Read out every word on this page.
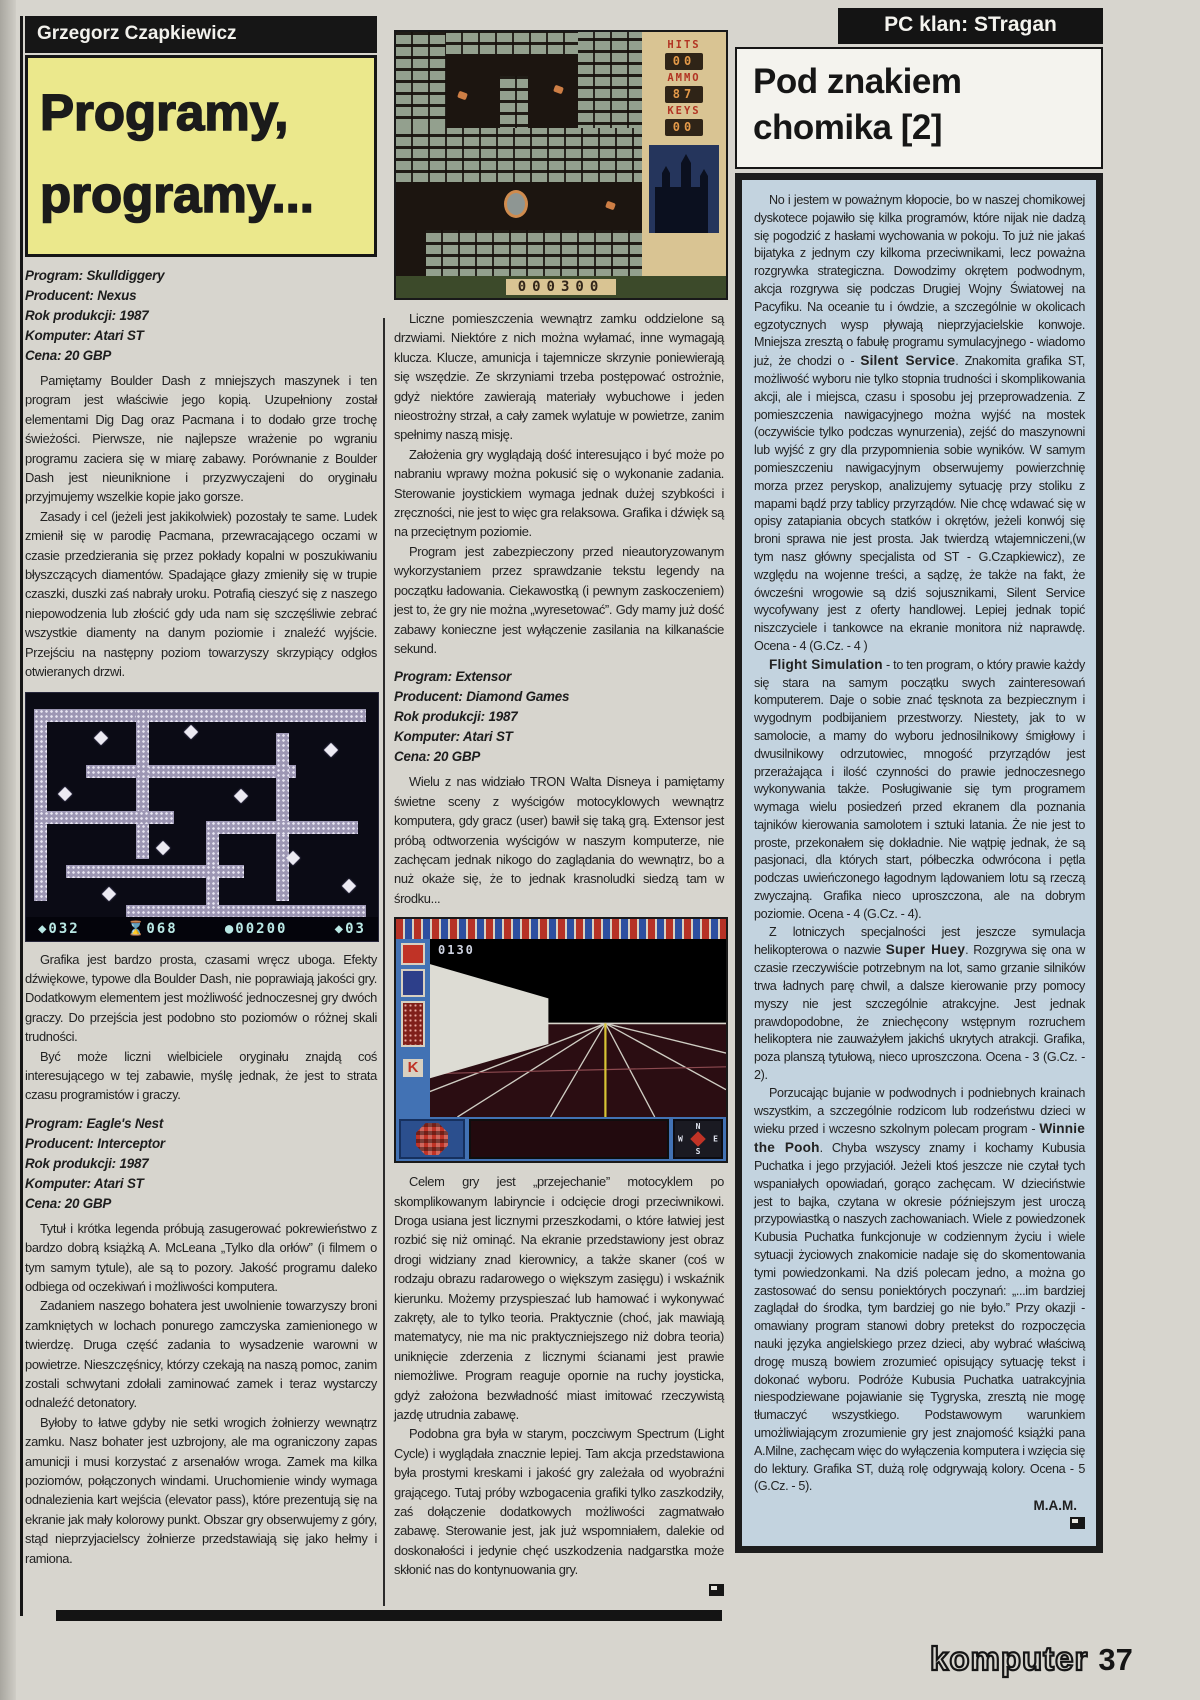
Grzegorz Czapkiewicz
Programy,
programy...
Program: Skulldiggery
Producent: Nexus
Rok produkcji: 1987
Komputer: Atari ST
Cena: 20 GBP

Pamiętamy Boulder Dash z mniejszych maszynek i ten program jest właściwie jego kopią. Uzupełniony został elementami Dig Dag oraz Pacmana i to dodało grze trochę świeżości. Pierwsze, nie najlepsze wrażenie po wgraniu programu zaciera się w miarę zabawy. Porównanie z Boulder Dash jest nieuniknione i przyzwyczajeni do oryginału przyjmujemy wszelkie kopie jako gorsze.

Zasady i cel (jeżeli jest jakikolwiek) pozostały te same. Ludek zmienił się w parodię Pacmana, przewracającego oczami w czasie przedzierania się przez pokłady kopalni w poszukiwaniu błyszczących diamentów. Spadające głazy zmieniły się w trupie czaszki, duszki zaś nabrały uroku. Potrafią cieszyć się z naszego niepowodzenia lub złościć gdy uda nam się szczęśliwie zebrać wszystkie diamenty na danym poziomie i znaleźć wyjście. Przejściu na następny poziom towarzyszy skrzypiący odgłos otwieranych drzwi.

◆032	⌛068	●00200	◆03

Grafika jest bardzo prosta, czasami wręcz uboga. Efekty dźwiękowe, typowe dla Boulder Dash, nie poprawiają jakości gry. Dodatkowym elementem jest możliwość jednoczesnej gry dwóch graczy. Do przejścia jest podobno sto poziomów o różnej skali trudności.

Być może liczni wielbiciele oryginału znajdą coś interesującego w tej zabawie, myślę jednak, że jest to strata czasu programistów i graczy.

Program: Eagle's Nest
Producent: Interceptor
Rok produkcji: 1987
Komputer: Atari ST
Cena: 20 GBP

Tytuł i krótka legenda próbują zasugerować pokrewieństwo z bardzo dobrą książką A. McLeana „Tylko dla orłów” (i filmem o tym samym tytule), ale są to pozory. Jakość programu daleko odbiega od oczekiwań i możliwości komputera.

Zadaniem naszego bohatera jest uwolnienie towarzyszy broni zamkniętych w lochach ponurego zamczyska zamienionego w twierdzę. Druga część zadania to wysadzenie warowni w powietrze. Nieszczęśnicy, którzy czekają na naszą pomoc, zanim zostali schwytani zdołali zaminować zamek i teraz wystarczy odnaleźć detonatory.

Byłoby to łatwe gdyby nie setki wrogich żołnierzy wewnątrz zamku. Nasz bohater jest uzbrojony, ale ma ograniczony zapas amunicji i musi korzystać z arsenałów wroga. Zamek ma kilka poziomów, połączonych windami. Uruchomienie windy wymaga odnalezienia kart wejścia (elevator pass), które prezentują się na ekranie jak mały kolorowy punkt. Obszar gry obserwujemy z góry, stąd nieprzyjacielscy żołnierze przedstawiają się jako hełmy i ramiona.

HITS
00
AMMO
87
KEYS
00
000300

Liczne pomieszczenia wewnątrz zamku oddzielone są drzwiami. Niektóre z nich można wyłamać, inne wymagają klucza. Klucze, amunicja i tajemnicze skrzynie poniewierają się wszędzie. Ze skrzyniami trzeba postępować ostrożnie, gdyż niektóre zawierają materiały wybuchowe i jeden nieostrożny strzał, a cały zamek wylatuje w powietrze, zanim spełnimy naszą misję.

Założenia gry wyglądają dość interesująco i być może po nabraniu wprawy można pokusić się o wykonanie zadania. Sterowanie joystickiem wymaga jednak dużej szybkości i zręczności, nie jest to więc gra relaksowa. Grafika i dźwięk są na przeciętnym poziomie.

Program jest zabezpieczony przed nieautoryzowanym wykorzystaniem przez sprawdzanie tekstu legendy na początku ładowania. Ciekawostką (i pewnym zaskoczeniem) jest to, że gry nie można „wyresetować”. Gdy mamy już dość zabawy konieczne jest wyłączenie zasilania na kilkanaście sekund.

Program: Extensor
Producent: Diamond Games
Rok produkcji: 1987
Komputer: Atari ST
Cena: 20 GBP

Wielu z nas widziało TRON Walta Disneya i pamiętamy świetne sceny z wyścigów motocyklowych wewnątrz komputera, gdy gracz (user) bawił się taką grą. Extensor jest próbą odtworzenia wyścigów w naszym komputerze, nie zachęcam jednak nikogo do zaglądania do wewnątrz, bo a nuż okaże się, że to jednak krasnoludki siedzą tam w środku...

K
0130
N
E
S
W

Celem gry jest „przejechanie” motocyklem po skomplikowanym labiryncie i odcięcie drogi przeciwnikowi. Droga usiana jest licznymi przeszkodami, o które łatwiej jest rozbić się niż ominąć. Na ekranie przedstawiony jest obraz drogi widziany znad kierownicy, a także skaner (coś w rodzaju obrazu radarowego o większym zasięgu) i wskaźnik kierunku. Możemy przyspieszać lub hamować i wykonywać zakręty, ale to tylko teoria. Praktycznie (choć, jak mawiają matematycy, nie ma nic praktyczniejszego niż dobra teoria) uniknięcie zderzenia z licznymi ścianami jest prawie niemożliwe. Program reaguje opornie na ruchy joysticka, gdyż założona bezwładność miast imitować rzeczywistą jazdę utrudnia zabawę.

Podobna gra była w starym, poczciwym Spectrum (Light Cycle) i wyglądała znacznie lepiej. Tam akcja przedstawiona była prostymi kreskami i jakość gry zależała od wyobraźni grającego. Tutaj próby wzbogacenia grafiki tylko zaszkodziły, zaś dołączenie dodatkowych możliwości zagmatwało zabawę. Sterowanie jest, jak już wspomniałem, dalekie od doskonałości i jedynie chęć uszkodzenia nadgarstka może skłonić nas do kontynuowania gry.

PC klan: STragan
Pod znakiem
chomika [2]

No i jestem w poważnym kłopocie, bo w naszej chomikowej dyskotece pojawiło się kilka programów, które nijak nie dadzą się pogodzić z hasłami wychowania w pokoju. To już nie jakaś bijatyka z jednym czy kilkoma przeciwnikami, lecz poważna rozgrywka strategiczna. Dowodzimy okrętem podwodnym, akcja rozgrywa się podczas Drugiej Wojny Światowej na Pacyfiku. Na oceanie tu i ówdzie, a szczególnie w okolicach egzotycznych wysp pływają nieprzyjacielskie konwoje. Mniejsza zresztą o fabułę programu symulacyjnego - wiadomo już, że chodzi o - Silent Service. Znakomita grafika ST, możliwość wyboru nie tylko stopnia trudności i skomplikowania akcji, ale i miejsca, czasu i sposobu jej przeprowadzenia. Z pomieszczenia nawigacyjnego można wyjść na mostek (oczywiście tylko podczas wynurzenia), zejść do maszynowni lub wyjść z gry dla przypomnienia sobie wyników. W samym pomieszczeniu nawigacyjnym obserwujemy powierzchnię morza przez peryskop, analizujemy sytuację przy stoliku z mapami bądź przy tablicy przyrządów. Nie chcę wdawać się w opisy zatapiania obcych statków i okrętów, jeżeli konwój się broni sprawa nie jest prosta. Jak twierdzą wtajemniczeni,(w tym nasz główny specjalista od ST - G.Czapkiewicz), ze względu na wojenne treści, a sądzę, że także na fakt, że ówcześni wrogowie są dziś sojusznikami, Silent Service wycofywany jest z oferty handlowej. Lepiej jednak topić niszczyciele i tankowce na ekranie monitora niż naprawdę. Ocena - 4 (G.Cz. - 4 )

Flight Simulation - to ten program, o który prawie każdy się stara na samym początku swych zainteresowań komputerem. Daje o sobie znać tęsknota za bezpiecznym i wygodnym podbijaniem przestworzy. Niestety, jak to w samolocie, a mamy do wyboru jednosilnikowy śmigłowy i dwusilnikowy odrzutowiec, mnogość przyrządów jest przerażająca i ilość czynności do prawie jednoczesnego wykonywania także. Posługiwanie się tym programem wymaga wielu posiedzeń przed ekranem dla poznania tajników kierowania samolotem i sztuki latania. Że nie jest to proste, przekonałem się dokładnie. Nie wątpię jednak, że są pasjonaci, dla których start, półbeczka odwrócona i pętla podczas uwieńczonego łagodnym lądowaniem lotu są rzeczą zwyczajną. Grafika nieco uproszczona, ale na dobrym poziomie. Ocena - 4 (G.Cz. - 4).

Z lotniczych specjalności jest jeszcze symulacja helikopterowa o nazwie Super Huey. Rozgrywa się ona w czasie rzeczywiście potrzebnym na lot, samo grzanie silników trwa ładnych parę chwil, a dalsze kierowanie przy pomocy myszy nie jest szczególnie atrakcyjne. Jest jednak prawdopodobne, że zniechęcony wstępnym rozruchem helikoptera nie zauważyłem jakichś ukrytych atrakcji. Grafika, poza planszą tytułową, nieco uproszczona. Ocena - 3 (G.Cz. - 2).

Porzucając bujanie w podwodnych i podniebnych krainach wszystkim, a szczególnie rodzicom lub rodzeństwu dzieci w wieku przed i wczesno szkolnym polecam program - Winnie the Pooh. Chyba wszyscy znamy i kochamy Kubusia Puchatka i jego przyjaciół. Jeżeli ktoś jeszcze nie czytał tych wspaniałych opowiadań, gorąco zachęcam. W dzieciństwie jest to bajka, czytana w okresie późniejszym jest uroczą przypowiastką o naszych zachowaniach. Wiele z powiedzonek Kubusia Puchatka funkcjonuje w codziennym życiu i wiele sytuacji życiowych znakomicie nadaje się do skomentowania tymi powiedzonkami. Na dziś polecam jedno, a można go zastosować do sensu poniektórych poczynań: „...im bardziej zaglądał do środka, tym bardziej go nie było.” Przy okazji - omawiany program stanowi dobry pretekst do rozpoczęcia nauki języka angielskiego przez dzieci, aby wybrać właściwą drogę muszą bowiem zrozumieć opisujący sytuację tekst i dokonać wyboru. Podróże Kubusia Puchatka uatrakcyjnia niespodziewane pojawianie się Tygryska, zresztą nie mogę tłumaczyć wszystkiego. Podstawowym warunkiem umożliwiającym zrozumienie gry jest znajomość książki pana A.Milne, zachęcam więc do wyłączenia komputera i wzięcia się do lektury. Grafika ST, dużą rolę odgrywają kolory. Ocena - 5 (G.Cz. - 5).

M.A.M.
komputer 37
